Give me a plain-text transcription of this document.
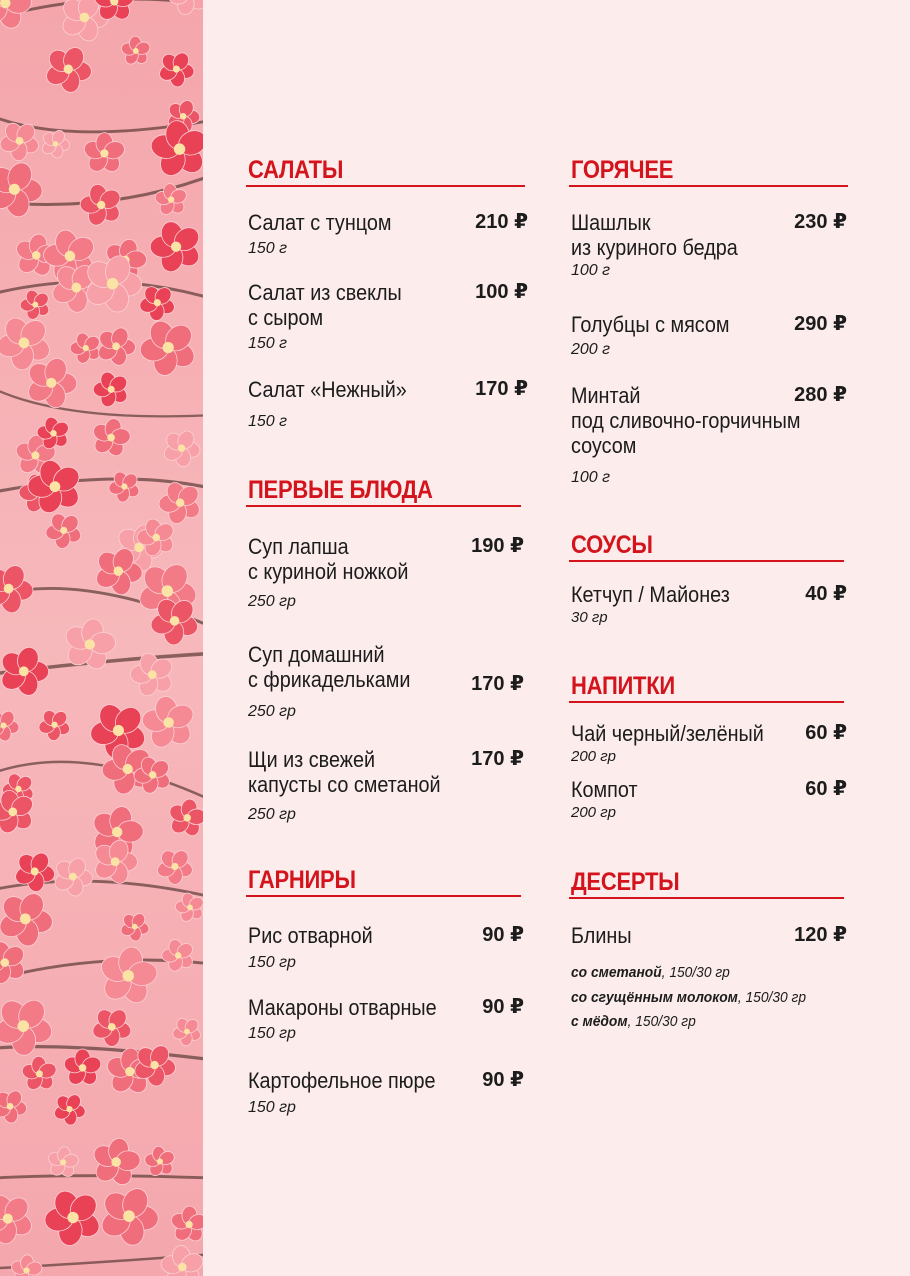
САЛАТЫ
Салат с тунцом	210 ₽
150 г
Салат из свеклы
с сыром
100 ₽
150 г
Салат «Нежный»	170 ₽
150 г
ПЕРВЫЕ БЛЮДА
Суп лапша
с куриной ножкой
190 ₽
250 гр
Суп домашний
с фрикадельками	170 ₽
250 гр
Щи из свежей
капусты со сметаной
170 ₽
250 гр
ГАРНИРЫ
Рис отварной	90 ₽
150 гр
Макароны отварные	90 ₽
150 гр
Картофельное пюре	90 ₽
150 гр
ГОРЯЧЕЕ
Шашлык
из куриного бедра
230 ₽
100 г
Голубцы с мясом	290 ₽
200 г
Минтай
под сливочно-горчичным
соусом
280 ₽
100 г
СОУСЫ
Кетчуп / Майонез	40 ₽
30 гр
НАПИТКИ
Чай черный/зелёный	60 ₽
200 гр
Компот	60 ₽
200 гр
ДЕСЕРТЫ
Блины	120 ₽
со сметаной, 150/30 гр
со сгущённым молоком, 150/30 гр
с мёдом, 150/30 гр
